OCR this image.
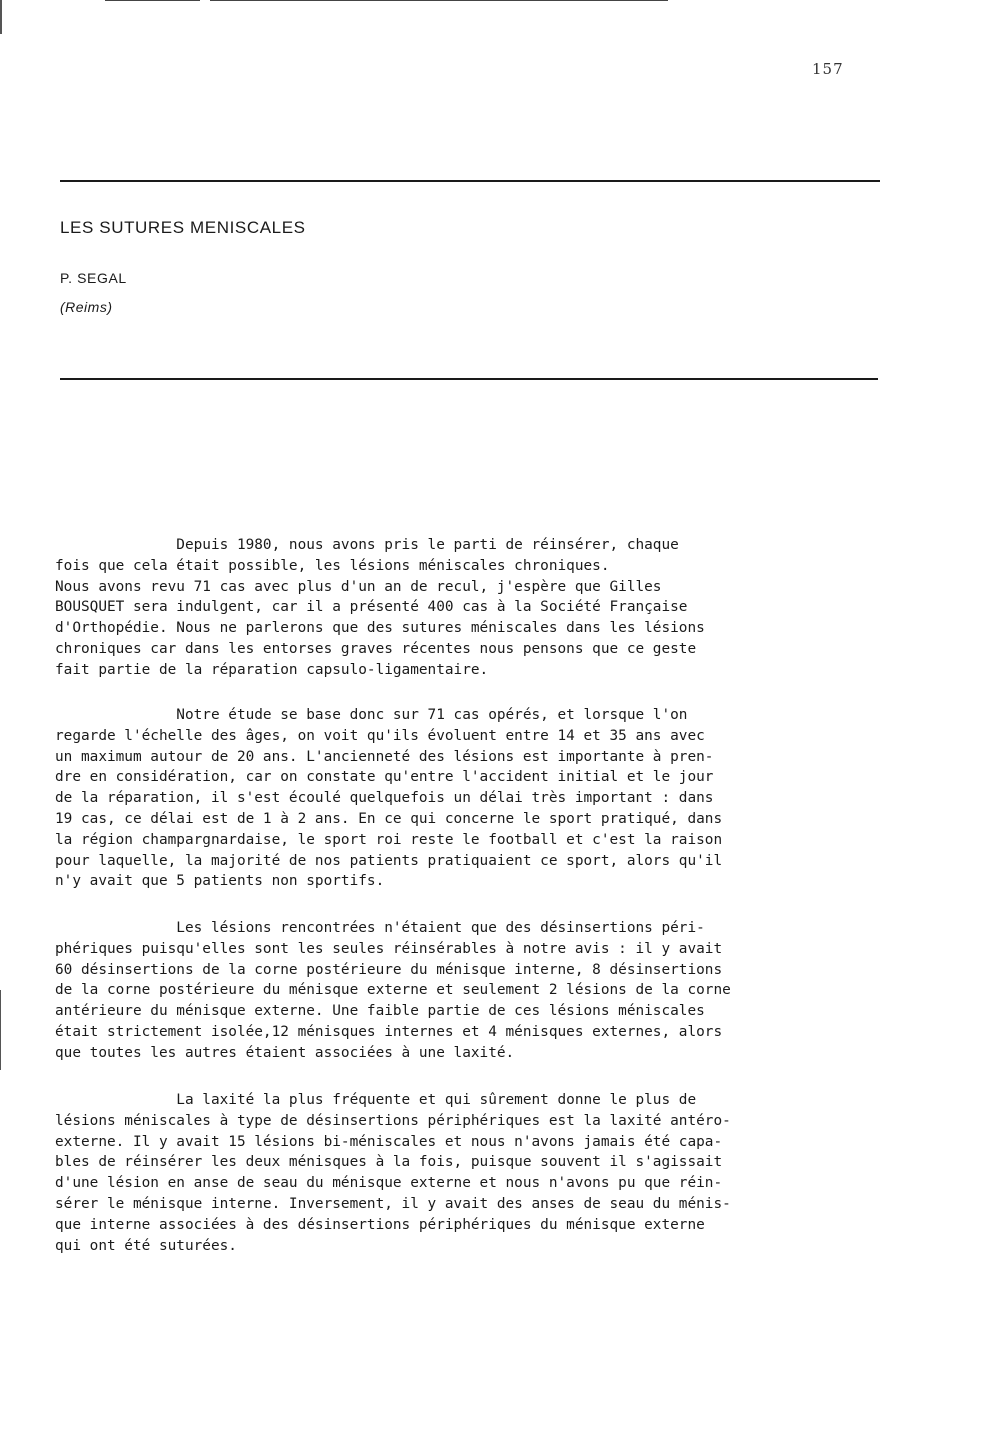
157
LES SUTURES MENISCALES
P. SEGAL
(Reims)
Depuis 1980, nous avons pris le parti de réinsérer, chaque
fois que cela était possible, les lésions méniscales chroniques.
Nous avons revu 71 cas avec plus d'un an de recul, j'espère que Gilles
BOUSQUET sera indulgent, car il a présenté 400 cas à la Société Française
d'Orthopédie. Nous ne parlerons que des sutures méniscales dans les lésions
chroniques car dans les entorses graves récentes nous pensons que ce geste
fait partie de la réparation capsulo-ligamentaire.
Notre étude se base donc sur 71 cas opérés, et lorsque l'on
regarde l'échelle des âges, on voit qu'ils évoluent entre 14 et 35 ans avec
un maximum autour de 20 ans. L'ancienneté des lésions est importante à pren-
dre en considération, car on constate qu'entre l'accident initial et le jour
de la réparation, il s'est écoulé quelquefois un délai très important : dans
19 cas, ce délai est de 1 à 2 ans. En ce qui concerne le sport pratiqué, dans
la région champargnardaise, le sport roi reste le football et c'est la raison
pour laquelle, la majorité de nos patients pratiquaient ce sport, alors qu'il
n'y avait que 5 patients non sportifs.
Les lésions rencontrées n'étaient que des désinsertions péri-
phériques puisqu'elles sont les seules réinsérables à notre avis : il y avait
60 désinsertions de la corne postérieure du ménisque interne, 8 désinsertions
de la corne postérieure du ménisque externe et seulement 2 lésions de la corne
antérieure du ménisque externe. Une faible partie de ces lésions méniscales
était strictement isolée,12 ménisques internes et 4 ménisques externes, alors
que toutes les autres étaient associées à une laxité.
La laxité la plus fréquente et qui sûrement donne le plus de
lésions méniscales à type de désinsertions périphériques est la laxité antéro-
externe. Il y avait 15 lésions bi-méniscales et nous n'avons jamais été capa-
bles de réinsérer les deux ménisques à la fois, puisque souvent il s'agissait
d'une lésion en anse de seau du ménisque externe et nous n'avons pu que réin-
sérer le ménisque interne. Inversement, il y avait des anses de seau du ménis-
que interne associées à des désinsertions périphériques du ménisque externe
qui ont été suturées.
